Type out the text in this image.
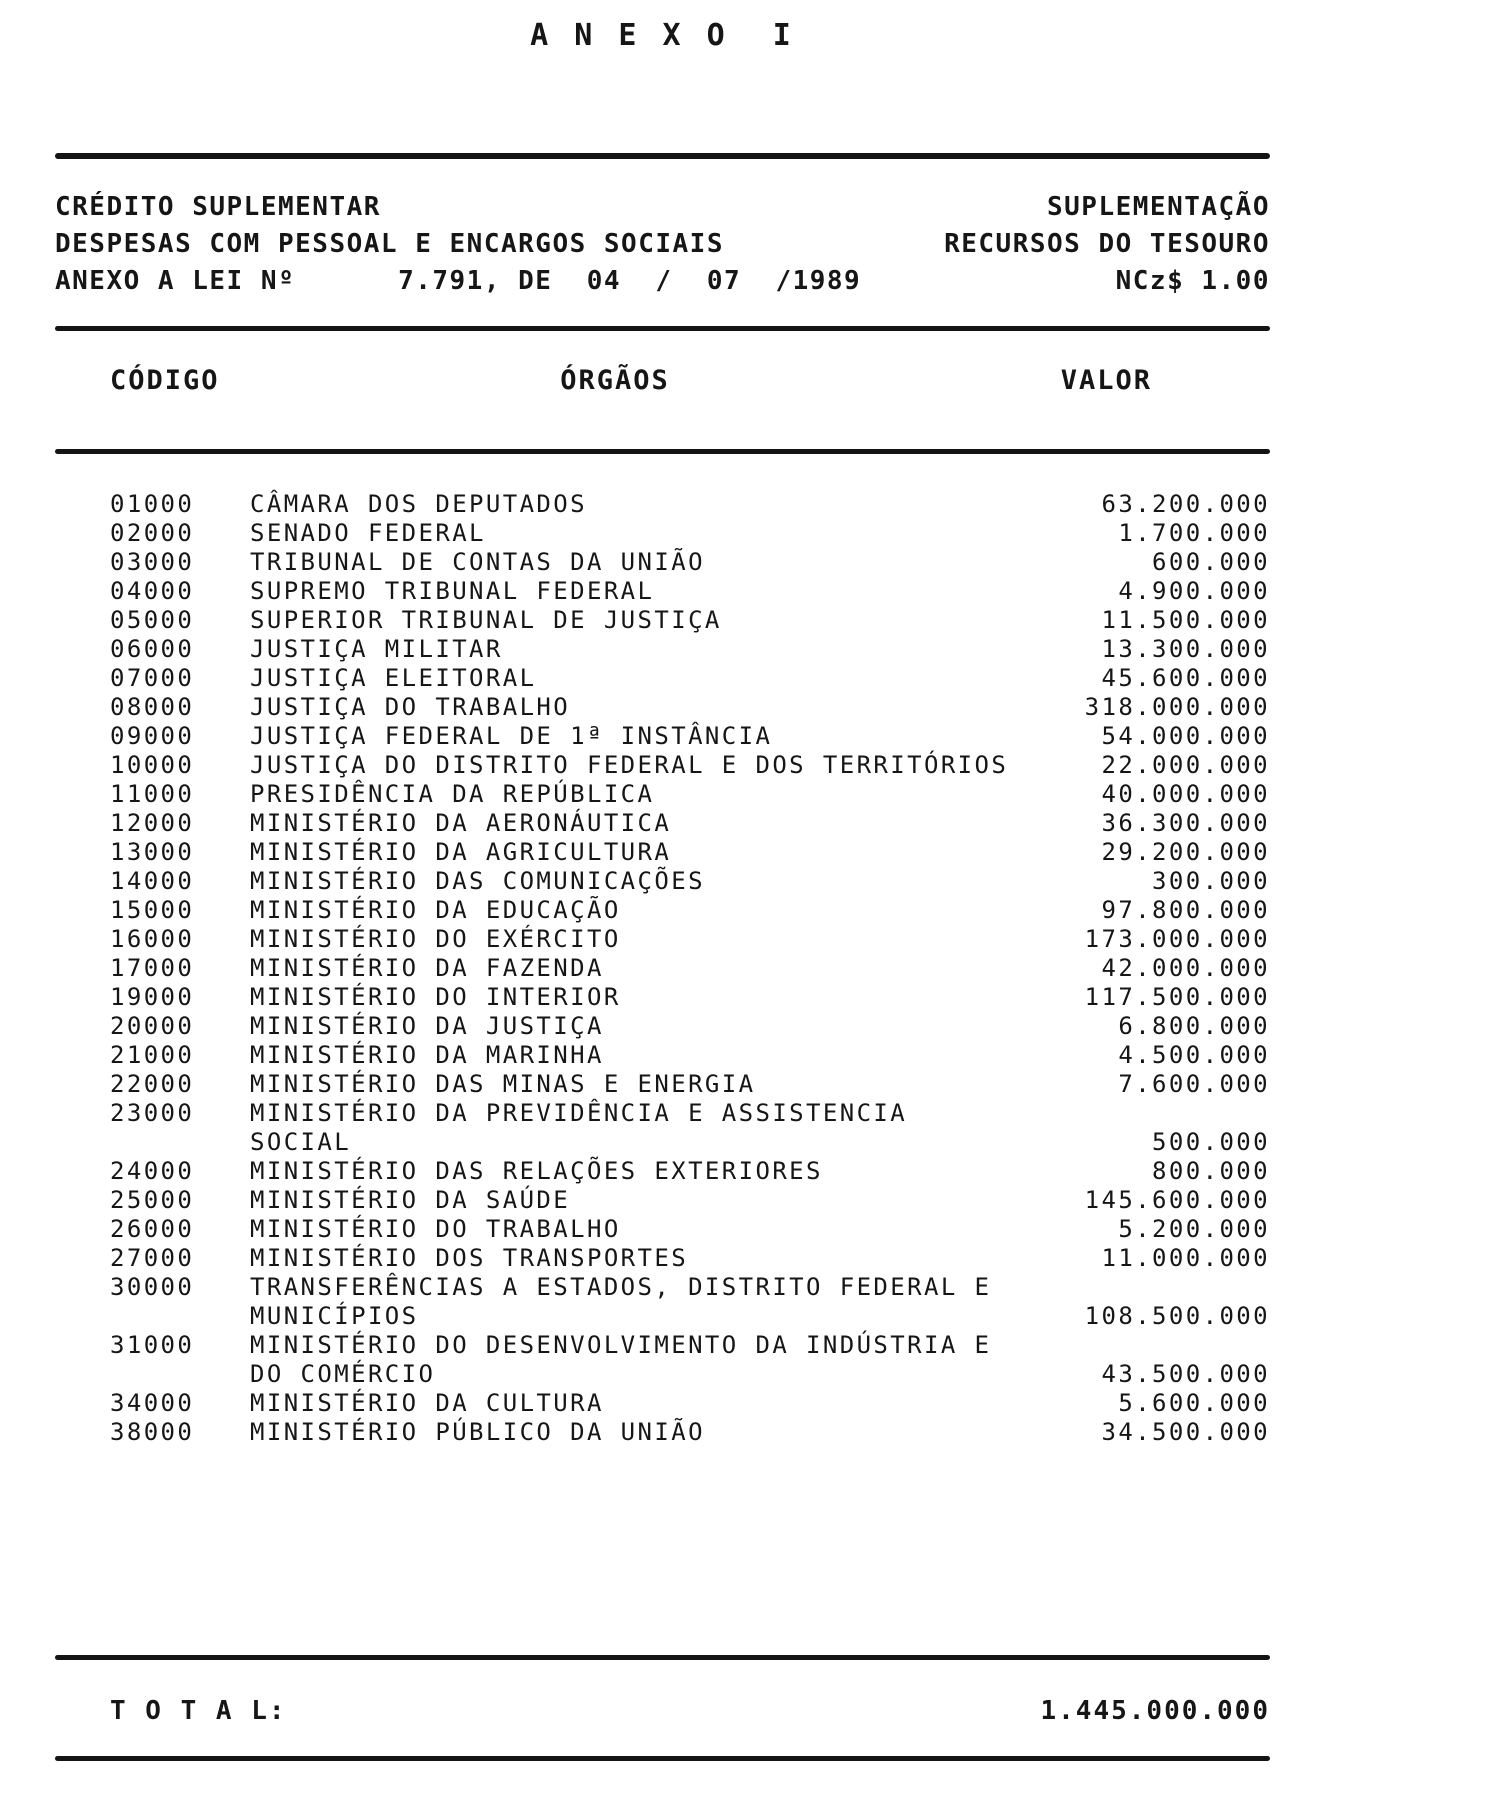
A N E X O  I
CRÉDITO SUPLEMENTAR
DESPESAS COM PESSOAL E ENCARGOS SOCIAIS
ANEXO A LEI Nº      7.791, DE  04  /  07  /1989
SUPLEMENTAÇÃO
RECURSOS DO TESOURO
NCz$ 1.00
CÓDIGO	ÓRGÃOS	VALOR
01000	CÂMARA DOS DEPUTADOS	63.200.000
02000	SENADO FEDERAL	1.700.000
03000	TRIBUNAL DE CONTAS DA UNIÃO	600.000
04000	SUPREMO TRIBUNAL FEDERAL	4.900.000
05000	SUPERIOR TRIBUNAL DE JUSTIÇA	11.500.000
06000	JUSTIÇA MILITAR	13.300.000
07000	JUSTIÇA ELEITORAL	45.600.000
08000	JUSTIÇA DO TRABALHO	318.000.000
09000	JUSTIÇA FEDERAL DE 1ª INSTÂNCIA	54.000.000
10000	JUSTIÇA DO DISTRITO FEDERAL E DOS TERRITÓRIOS	22.000.000
11000	PRESIDÊNCIA DA REPÚBLICA	40.000.000
12000	MINISTÉRIO DA AERONÁUTICA	36.300.000
13000	MINISTÉRIO DA AGRICULTURA	29.200.000
14000	MINISTÉRIO DAS COMUNICAÇÕES	300.000
15000	MINISTÉRIO DA EDUCAÇÃO	97.800.000
16000	MINISTÉRIO DO EXÉRCITO	173.000.000
17000	MINISTÉRIO DA FAZENDA	42.000.000
19000	MINISTÉRIO DO INTERIOR	117.500.000
20000	MINISTÉRIO DA JUSTIÇA	6.800.000
21000	MINISTÉRIO DA MARINHA	4.500.000
22000	MINISTÉRIO DAS MINAS E ENERGIA	7.600.000
23000	MINISTÉRIO DA PREVIDÊNCIA E ASSISTENCIA SOCIAL	500.000
24000	MINISTÉRIO DAS RELAÇÕES EXTERIORES	800.000
25000	MINISTÉRIO DA SAÚDE	145.600.000
26000	MINISTÉRIO DO TRABALHO	5.200.000
27000	MINISTÉRIO DOS TRANSPORTES	11.000.000
30000	TRANSFERÊNCIAS A ESTADOS, DISTRITO FEDERAL E
MUNICÍPIOS	108.500.000
31000	MINISTÉRIO DO DESENVOLVIMENTO DA INDÚSTRIA E
DO COMÉRCIO	43.500.000
34000	MINISTÉRIO DA CULTURA	5.600.000
38000	MINISTÉRIO PÚBLICO DA UNIÃO	34.500.000
T O T A L:	1.445.000.000
